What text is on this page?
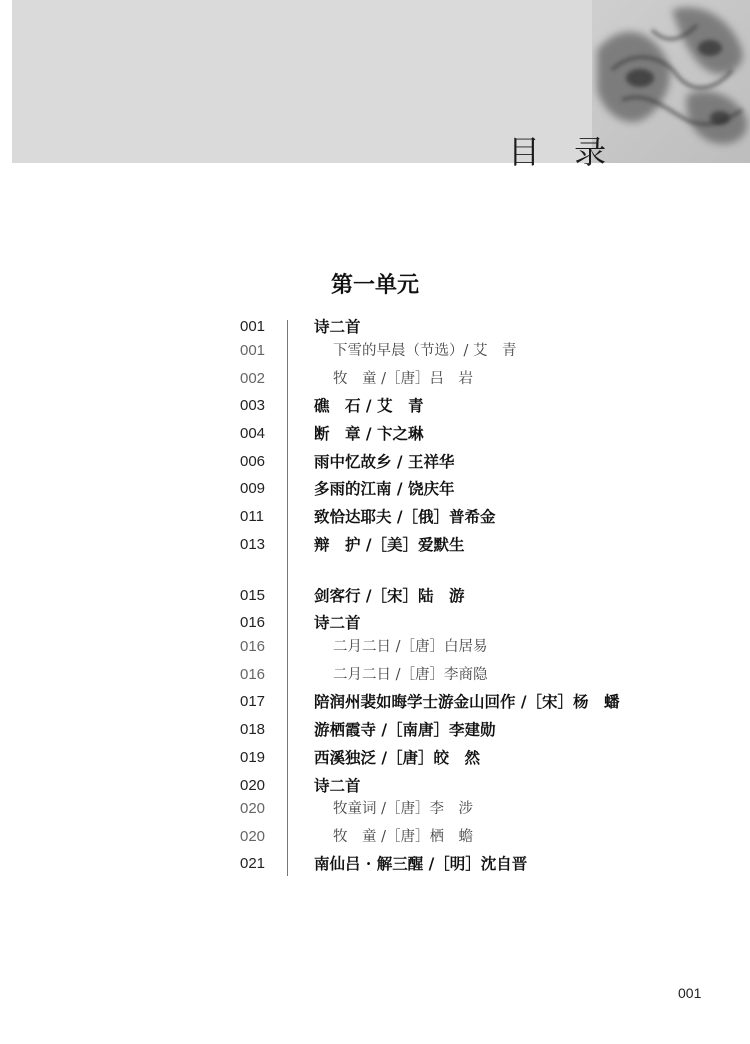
目 录
第一单元
001	诗二首
001	下雪的早晨（节选）/ 艾　青
002	牧　童 /［唐］吕　岩
003	礁　石 / 艾　青
004	断　章 / 卞之琳
006	雨中忆故乡 / 王祥华
009	多雨的江南 / 饶庆年
011	致恰达耶夫 /［俄］普希金
013	辩　护 /［美］爱默生
015	剑客行 /［宋］陆　游
016	诗二首
016	二月二日 /［唐］白居易
016	二月二日 /［唐］李商隐
017	陪润州裴如晦学士游金山回作 /［宋］杨　蟠
018	游栖霞寺 /［南唐］李建勋
019	西溪独泛 /［唐］皎　然
020	诗二首
020	牧童词 /［唐］李　涉
020	牧　童 /［唐］栖　蟾
021	南仙吕 · 解三醒 /［明］沈自晋
001
